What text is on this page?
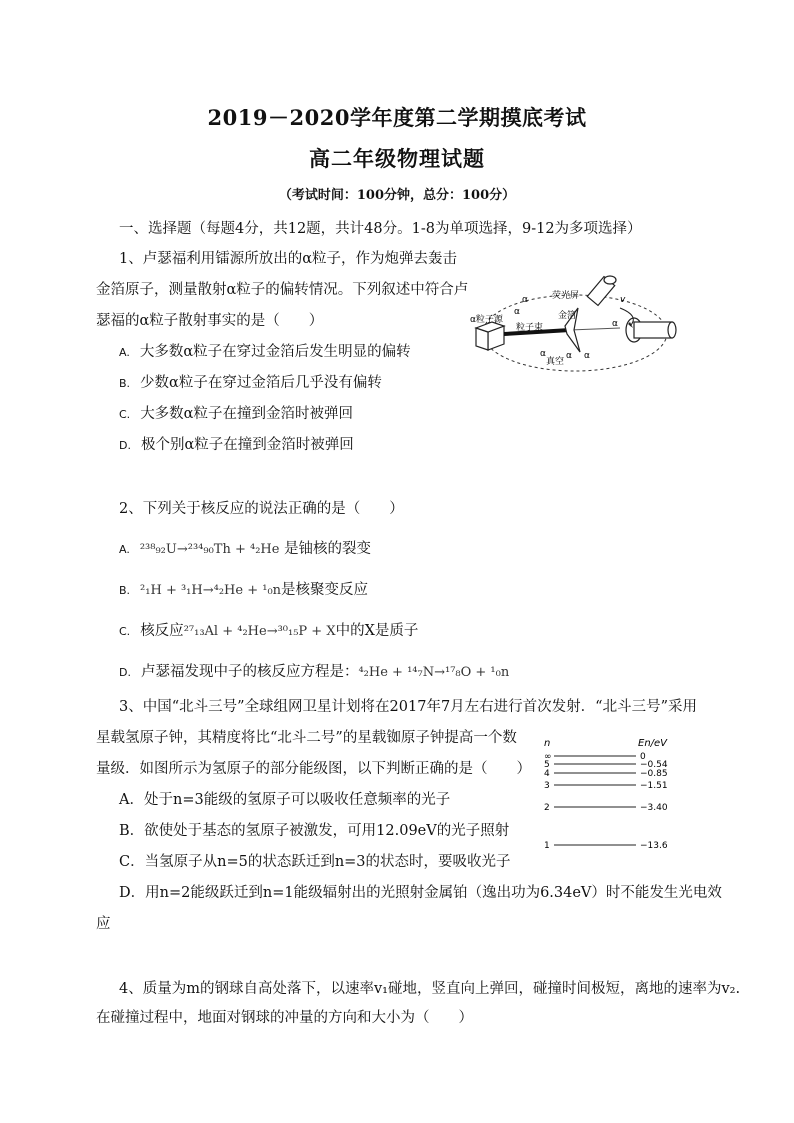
2019－2020学年度第二学期摸底考试
高二年级物理试题
（考试时间：100分钟，总分：100分）
一、选择题（每题4分，共12题，共计48分。1-8为单项选择，9-12为多项选择）
1、卢瑟福利用镭源所放出的α粒子，作为炮弹去轰击
金箔原子，测量散射α粒子的偏转情况。下列叙述中符合卢
瑟福的α粒子散射事实的是（　　）
A. 大多数α粒子在穿过金箔后发生明显的偏转
B. 少数α粒子在穿过金箔后几乎没有偏转
C. 大多数α粒子在撞到金箔时被弹回
D. 极个别α粒子在撞到金箔时被弹回
荧光屏
金箔
α粒子源
粒子束
真空
v
α
α
α α α
α
2、下列关于核反应的说法正确的是（　　）
A. ²³⁸₉₂U→²³⁴₉₀Th + ⁴₂He 是铀核的裂变
B. ²₁H + ³₁H→⁴₂He + ¹₀n是核聚变反应
C. 核反应²⁷₁₃Al + ⁴₂He→³⁰₁₅P + X中的X是质子
D. 卢瑟福发现中子的核反应方程是：⁴₂He + ¹⁴₇N→¹⁷₈O + ¹₀n
3、中国“北斗三号”全球组网卫星计划将在2017年7月左右进行首次发射．“北斗三号”采用
星载氢原子钟，其精度将比“北斗二号”的星载铷原子钟提高一个数
量级．如图所示为氢原子的部分能级图，以下判断正确的是（　　）
A．处于n=3能级的氢原子可以吸收任意频率的光子
B．欲使处于基态的氢原子被激发，可用12.09eV的光子照射
C．当氢原子从n=5的状态跃迁到n=3的状态时，要吸收光子
D．用n=2能级跃迁到n=1能级辐射出的光照射金属铂（逸出功为6.34eV）时不能发生光电效
应
n	En/eV
∞	0
5	−0.54
4	−0.85
3	−1.51
2	−3.40
1	−13.6
4、质量为m的钢球自高处落下，以速率v₁碰地，竖直向上弹回，碰撞时间极短，离地的速率为v₂.
在碰撞过程中，地面对钢球的冲量的方向和大小为（　　）
